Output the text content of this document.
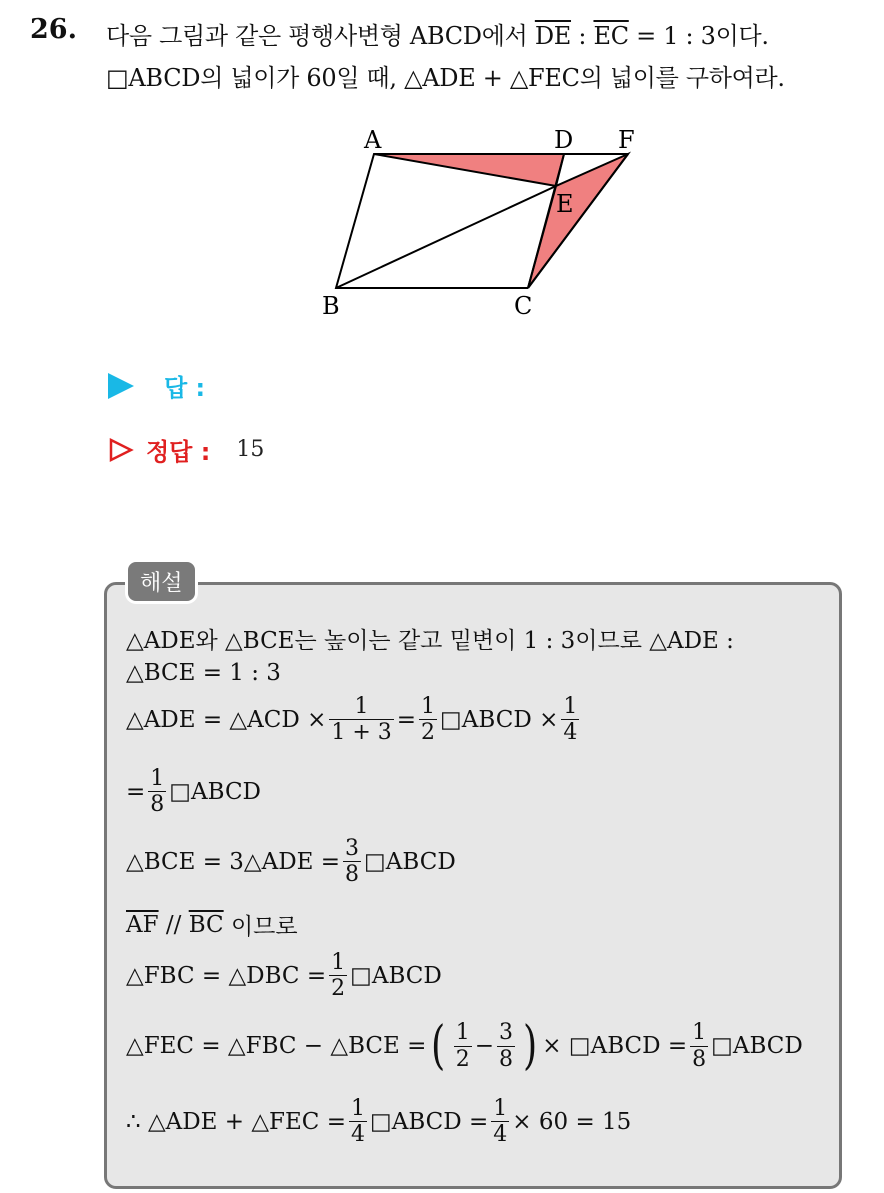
26. 다음 그림과 같은 평행사변형 ABCD에서 $\overline{DE}$ : $\overline{EC} = 1$ : 3이다.
□ABCD의 넓이가 60일 때, △ADE + △FEC의 넓이를 구하여라.
A	D F
E
B	C
답 :
정답 : 15
해설
△ADE와 △BCE는 높이는 같고 밑변이 1 : 3이므로 △ADE :
△BCE = 1 : 3
△ADE = △ACD × $\frac{1}{1 + 3} = \frac{1}{2}$ □ABCD × $\frac{1}{4}$
= $\frac{1}{8}$ □ABCD
△BCE = 3△ADE = $\frac{3}{8}$ □ABCD
$\overline{AF} // \overline{BC}$ 이므로
△FBC = △DBC = $\frac{1}{2}$ □ABCD
△FEC = △FBC − △BCE = ( $\frac{1}{2} - \frac{3}{8}$ ) × □ABCD = $\frac{1}{8}$ □ABCD
∴ △ADE + △FEC = $\frac{1}{4}$ □ABCD = $\frac{1}{4} \times 60 = 15$
